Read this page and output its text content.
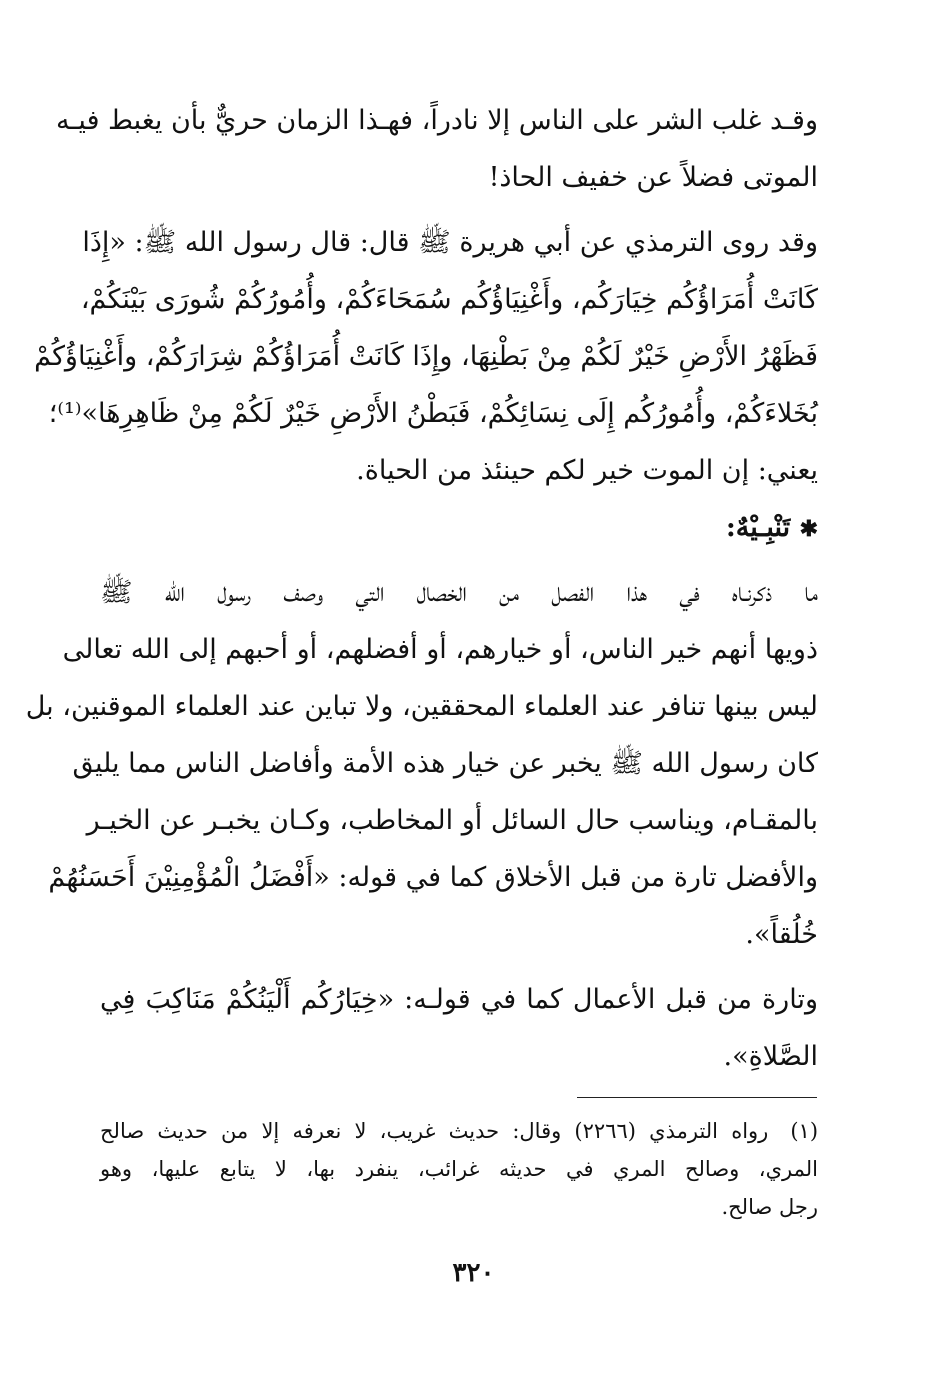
وقـد غلب الشر على الناس إلا نادراً، فهـذا الزمان حريٌّ بأن يغبط فيـه
الموتى فضلاً عن خفيف الحاذ!
وقد روى الترمذي عن أبي هريرة ﷺ قال: قال رسول الله ﷺ: «إِذَا
كَانَتْ أُمَرَاؤُكُم خِيَارَكُم، وأَغْنِيَاؤُكُم سُمَحَاءَكُمْ، وأُمُورُكُمْ شُورَى بَيْنَكُمْ،
فَظَهْرُ الأَرْضِ خَيْرٌ لَكُمْ مِنْ بَطْنِهَا، وإِذَا كَانَتْ أُمَرَاؤُكُمْ شِرَارَكُمْ، وأَغْنِيَاؤُكُمْ
بُخَلاءَكُمْ، وأُمُورُكُم إِلَى نِسَائِكُمْ، فَبَطْنُ الأَرْضِ خَيْرٌ لَكُمْ مِنْ ظَاهِرِهَا»⁽¹⁾؛
يعني: إن الموت خير لكم حينئذ من الحياة.
✱ تَنْبِـيْهٌ:
ما ذكرنـاه في هذا الفصل من الخصال التي وصف رسول الله ﷺ
ذويها أنهم خير الناس، أو خيارهم، أو أفضلهم، أو أحبهم إلى الله تعالى
ليس بينها تنافر عند العلماء المحققين، ولا تباين عند العلماء الموقنين، بل
كان رسول الله ﷺ يخبر عن خيار هذه الأمة وأفاضل الناس مما يليق
بالمقـام، ويناسب حال السائل أو المخاطب، وكـان يخبـر عن الخيـر
والأفضل تارة من قبل الأخلاق كما في قوله: «أَفْضَلُ الْمُؤْمِنِيْنَ أَحَسَنُهُمْ
خُلُقاً».
وتارة من قبل الأعمال كما في قولـه: «خِيَارُكُم أَلْيَنُكُمْ مَنَاكِبَ فِي
الصَّلاةِ».
(١)رواه الترمذي (٢٢٦٦) وقال: حديث غريب، لا نعرفه إلا من حديث صالح
المري، وصالح المري في حديثه غرائب، ينفرد بها، لا يتابع عليها، وهو
رجل صالح.
٣٢٠
